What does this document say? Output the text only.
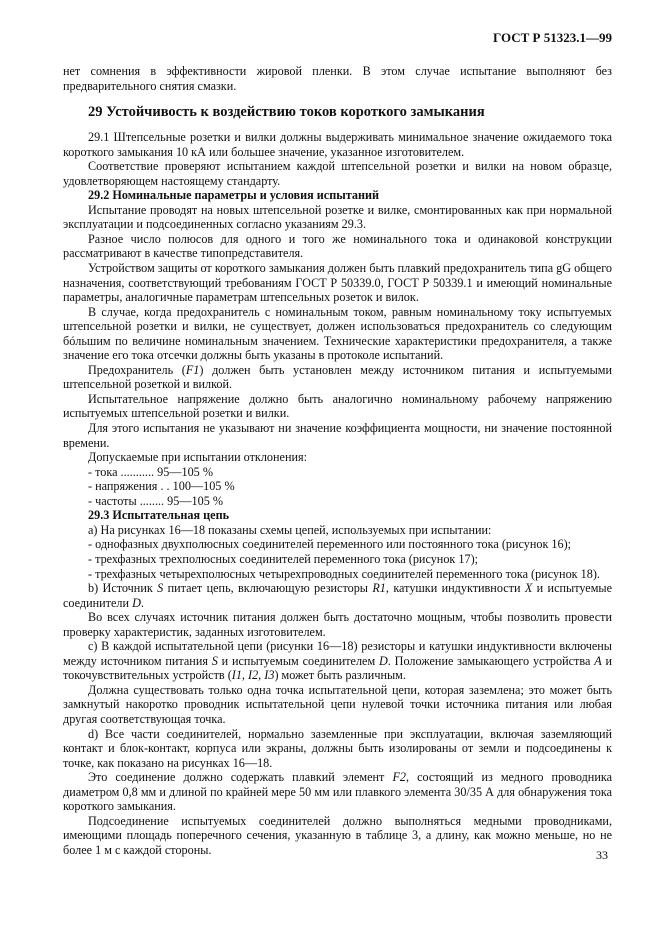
ГОСТ Р 51323.1—99
нет сомнения в эффективности жировой пленки. В этом случае испытание выполняют без предварительного снятия смазки.
29 Устойчивость к воздействию токов короткого замыкания
29.1 Штепсельные розетки и вилки должны выдерживать минимальное значение ожидаемого тока короткого замыкания 10 кА или большее значение, указанное изготовителем.
Соответствие проверяют испытанием каждой штепсельной розетки и вилки на новом образце, удовлетворяющем настоящему стандарту.
29.2 Номинальные параметры и условия испытаний
Испытание проводят на новых штепсельной розетке и вилке, смонтированных как при нормальной эксплуатации и подсоединенных согласно указаниям 29.3.
Разное число полюсов для одного и того же номинального тока и одинаковой конструкции рассматривают в качестве типопредставителя.
Устройством защиты от короткого замыкания должен быть плавкий предохранитель типа gG общего назначения, соответствующий требованиям ГОСТ Р 50339.0, ГОСТ Р 50339.1 и имеющий номинальные параметры, аналогичные параметрам штепсельных розеток и вилок.
В случае, когда предохранитель с номинальным током, равным номинальному току испытуемых штепсельной розетки и вилки, не существует, должен использоваться предохранитель со следующим бóльшим по величине номинальным значением. Технические характеристики предохранителя, а также значение его тока отсечки должны быть указаны в протоколе испытаний.
Предохранитель (F1) должен быть установлен между источником питания и испытуемыми штепсельной розеткой и вилкой.
Испытательное напряжение должно быть аналогично номинальному рабочему напряжению испытуемых штепсельной розетки и вилки.
Для этого испытания не указывают ни значение коэффициента мощности, ни значение постоянной времени.
Допускаемые при испытании отклонения:
- тока ........... 95—105 %
- напряжения . . 100—105 %
- частоты ........ 95—105 %
29.3 Испытательная цепь
a) На рисунках 16—18 показаны схемы цепей, используемых при испытании:
- однофазных двухполюсных соединителей переменного или постоянного тока (рисунок 16);
- трехфазных трехполюсных соединителей переменного тока (рисунок 17);
- трехфазных четырехполюсных четырехпроводных соединителей переменного тока (рисунок 18).
b) Источник S питает цепь, включающую резисторы R1, катушки индуктивности X и испытуемые соединители D.
Во всех случаях источник питания должен быть достаточно мощным, чтобы позволить провести проверку характеристик, заданных изготовителем.
c) В каждой испытательной цепи (рисунки 16—18) резисторы и катушки индуктивности включены между источником питания S и испытуемым соединителем D. Положение замыкающего устройства A и токочувствительных устройств (I1, I2, I3) может быть различным.
Должна существовать только одна точка испытательной цепи, которая заземлена; это может быть замкнутый накоротко проводник испытательной цепи нулевой точки источника питания или любая другая соответствующая точка.
d) Все части соединителей, нормально заземленные при эксплуатации, включая заземляющий контакт и блок-контакт, корпуса или экраны, должны быть изолированы от земли и подсоединены к точке, как показано на рисунках 16—18.
Это соединение должно содержать плавкий элемент F2, состоящий из медного проводника диаметром 0,8 мм и длиной по крайней мере 50 мм или плавкого элемента 30/35 А для обнаружения тока короткого замыкания.
Подсоединение испытуемых соединителей должно выполняться медными проводниками, имеющими площадь поперечного сечения, указанную в таблице 3, а длину, как можно меньше, но не более 1 м с каждой стороны.	33
